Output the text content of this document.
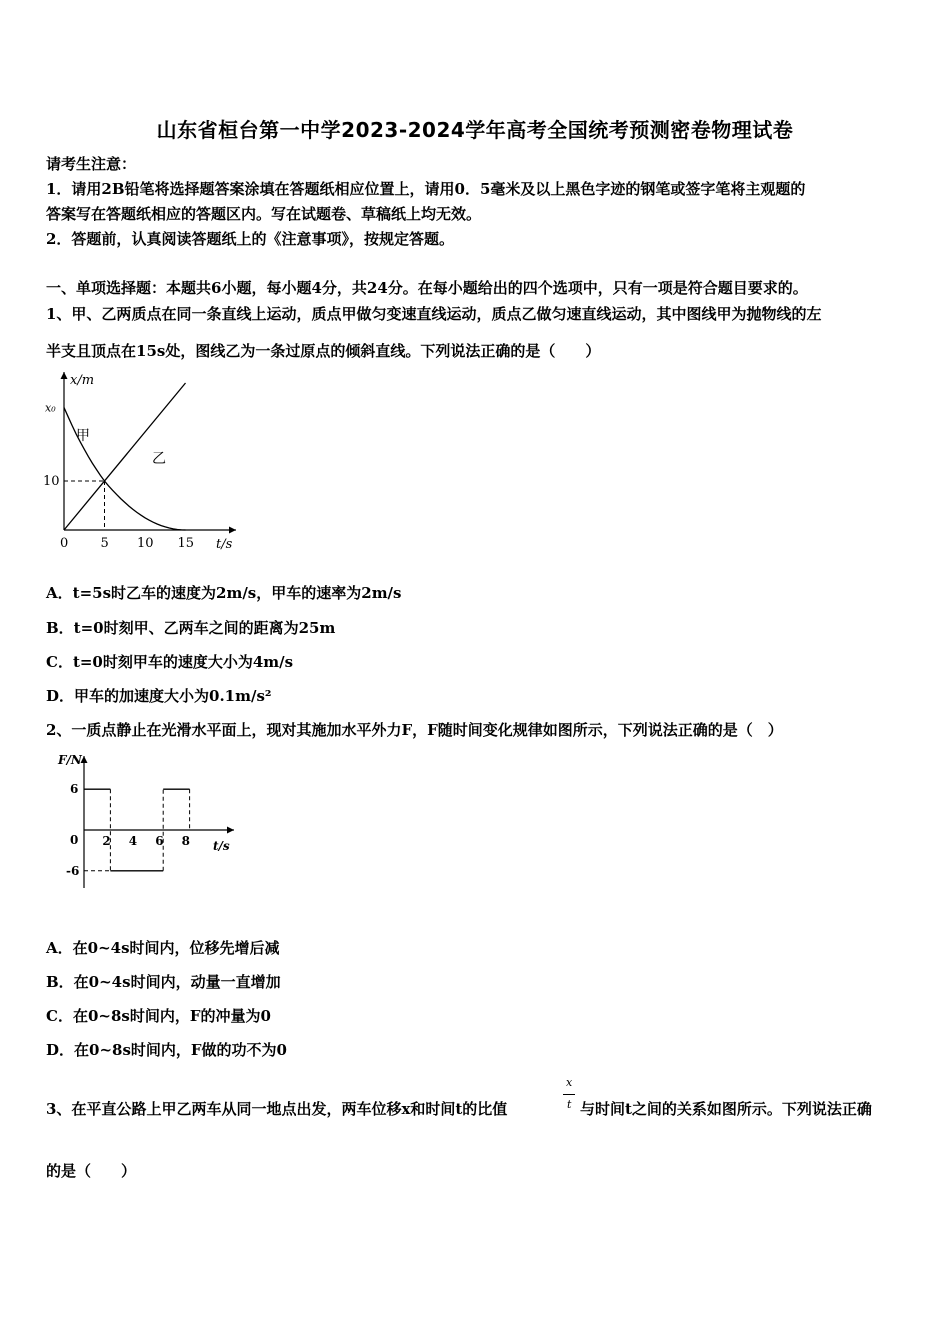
山东省桓台第一中学2023-2024学年高考全国统考预测密卷物理试卷
请考生注意：
1．请用2B铅笔将选择题答案涂填在答题纸相应位置上，请用0．5毫米及以上黑色字迹的钢笔或签字笔将主观题的
答案写在答题纸相应的答题区内。写在试题卷、草稿纸上均无效。
2．答题前，认真阅读答题纸上的《注意事项》，按规定答题。
一、单项选择题：本题共6小题，每小题4分，共24分。在每小题给出的四个选项中，只有一项是符合题目要求的。
1、甲、乙两质点在同一条直线上运动，质点甲做匀变速直线运动，质点乙做匀速直线运动，其中图线甲为抛物线的左
半支且顶点在15s处，图线乙为一条过原点的倾斜直线。下列说法正确的是（　　）
x/m
t/s
0 5 10 15
10
x₀
甲
乙
A．t=5s时乙车的速度为2m/s，甲车的速率为2m/s
B．t=0时刻甲、乙两车之间的距离为25m
C．t=0时刻甲车的速度大小为4m/s
D．甲车的加速度大小为0.1m/s²
2、一质点静止在光滑水平面上，现对其施加水平外力F，F随时间变化规律如图所示，下列说法正确的是（　）
F/N
t/s
2 4 6 8
6
0
-6
A．在0~4s时间内，位移先增后减
B．在0~4s时间内，动量一直增加
C．在0~8s时间内，F的冲量为0
D．在0~8s时间内，F做的功不为0
3、在平直公路上甲乙两车从同一地点出发，两车位移x和时间t的比值
x
t 与时间t之间的关系如图所示。下列说法正确
的是（　　）
